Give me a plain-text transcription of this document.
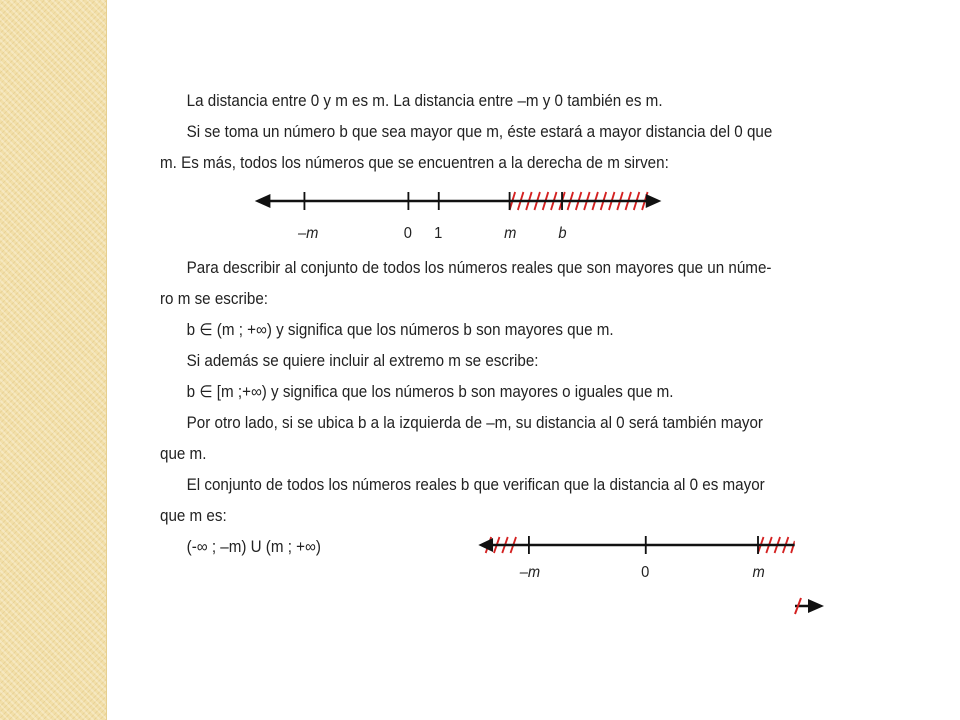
La distancia entre 0 y m es m. La distancia entre –m y 0 también es m.

Si se toma un número b que sea mayor que m, éste estará a mayor distancia del 0 que

m. Es más, todos los números que se encuentren a la derecha de m sirven:

–m	0 1	m	b

Para describir al conjunto de todos los números reales que son mayores que un núme-

ro m se escribe:

b ∈ (m ; +∞) y significa que los números b son mayores que m.

Si además se quiere incluir al extremo m se escribe:

b ∈ [m ;+∞) y significa que los números b son mayores o iguales que m.

Por otro lado, si se ubica b a la izquierda de –m, su distancia al 0 será también mayor

que m.

El conjunto de todos los números reales b que verifican que la distancia al 0 es mayor

que m es:

(-∞ ; –m) U (m ; +∞)

–m	0	m
